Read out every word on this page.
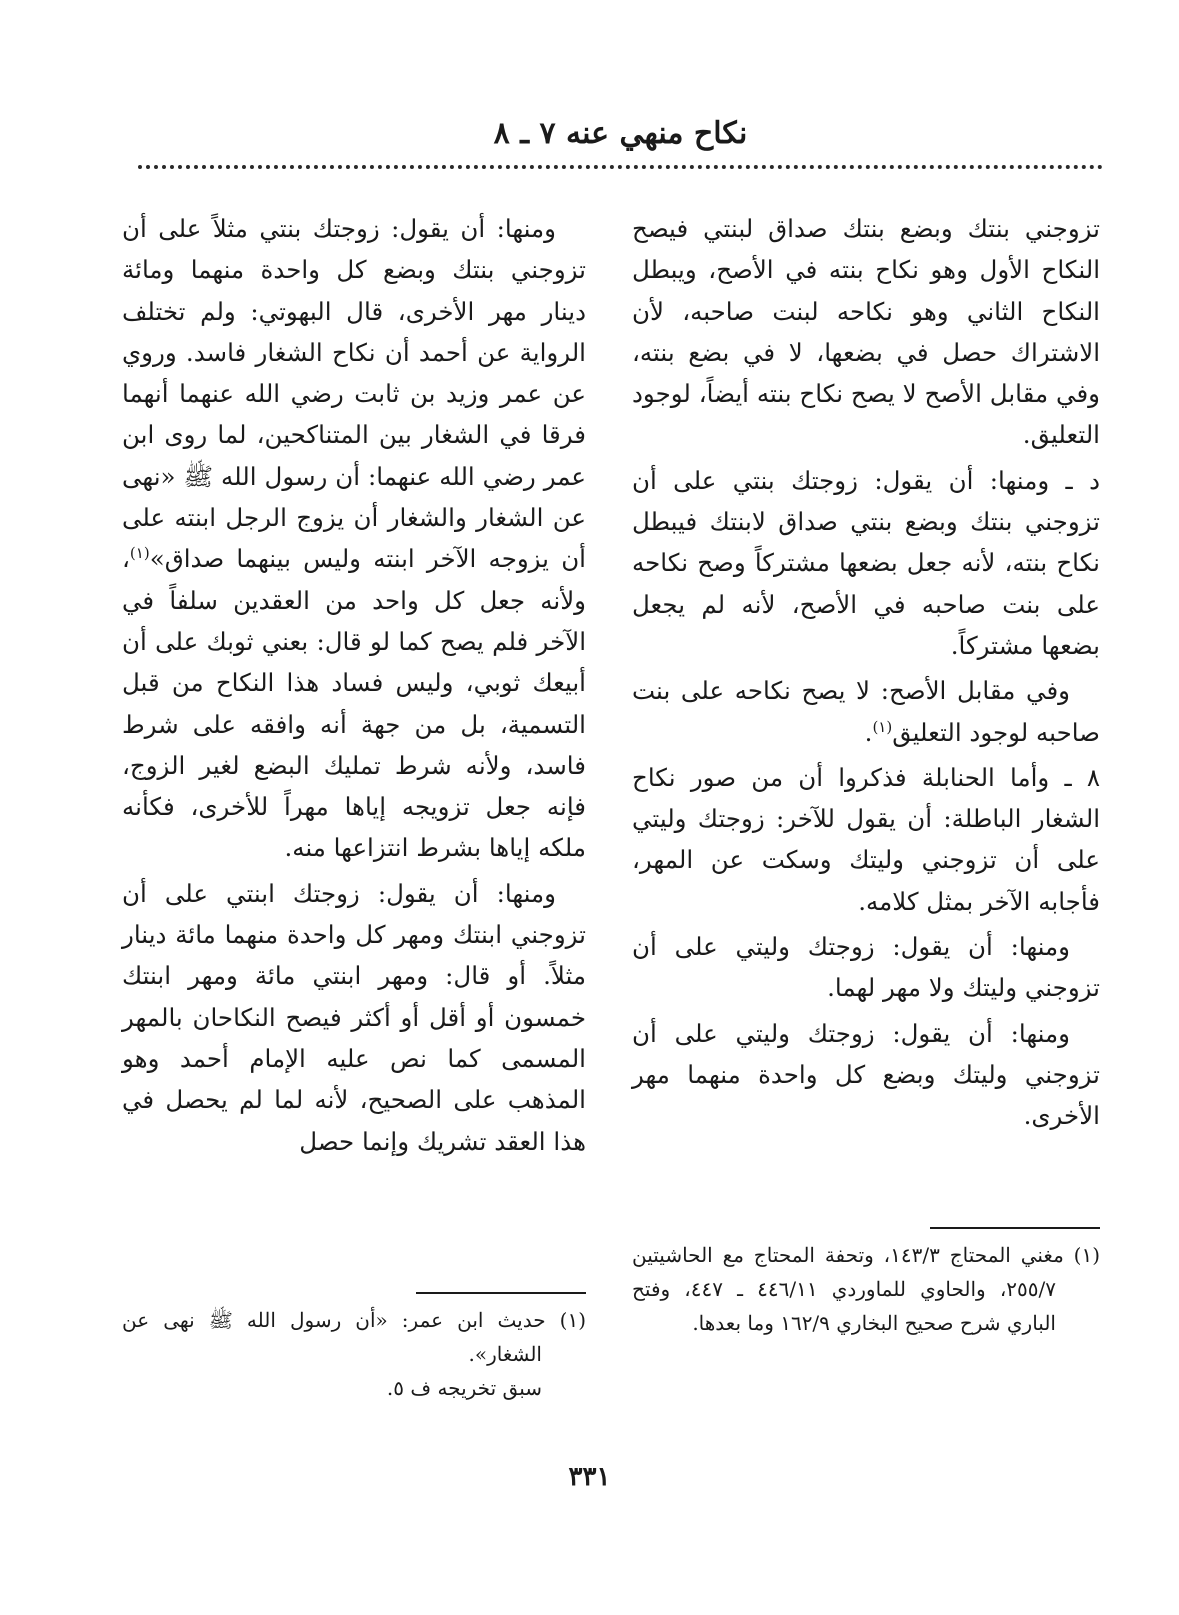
نكاح منهي عنه ٧ ـ ٨

تزوجني بنتك وبضع بنتك صداق لبنتي فيصح النكاح الأول وهو نكاح بنته في الأصح، ويبطل النكاح الثاني وهو نكاحه لبنت صاحبه، لأن الاشتراك حصل في بضعها، لا في بضع بنته، وفي مقابل الأصح لا يصح نكاح بنته أيضاً، لوجود التعليق.

د ـ ومنها: أن يقول: زوجتك بنتي على أن تزوجني بنتك وبضع بنتي صداق لابنتك فيبطل نكاح بنته، لأنه جعل بضعها مشتركاً وصح نكاحه على بنت صاحبه في الأصح، لأنه لم يجعل بضعها مشتركاً.

وفي مقابل الأصح: لا يصح نكاحه على بنت صاحبه لوجود التعليق$^{(١)}$.

٨ ـ وأما الحنابلة فذكروا أن من صور نكاح الشغار الباطلة: أن يقول للآخر: زوجتك وليتي على أن تزوجني وليتك وسكت عن المهر، فأجابه الآخر بمثل كلامه.

ومنها: أن يقول: زوجتك وليتي على أن تزوجني وليتك ولا مهر لهما.

ومنها: أن يقول: زوجتك وليتي على أن تزوجني وليتك وبضع كل واحدة منهما مهر الأخرى.

(١) مغني المحتاج ١٤٣/٣، وتحفة المحتاج مع الحاشيتين ٢٥٥/٧، والحاوي للماوردي ٤٤٦/١١ ـ ٤٤٧، وفتح الباري شرح صحيح البخاري ١٦٢/٩ وما بعدها.

ومنها: أن يقول: زوجتك بنتي مثلاً على أن تزوجني بنتك وبضع كل واحدة منهما ومائة دينار مهر الأخرى، قال البهوتي: ولم تختلف الرواية عن أحمد أن نكاح الشغار فاسد. وروي عن عمر وزيد بن ثابت رضي الله عنهما أنهما فرقا في الشغار بين المتناكحين، لما روى ابن عمر رضي الله عنهما: أن رسول الله ﷺ «نهى عن الشغار والشغار أن يزوج الرجل ابنته على أن يزوجه الآخر ابنته وليس بينهما صداق»$^{(١)}$، ولأنه جعل كل واحد من العقدين سلفاً في الآخر فلم يصح كما لو قال: بعني ثوبك على أن أبيعك ثوبي، وليس فساد هذا النكاح من قبل التسمية، بل من جهة أنه وافقه على شرط فاسد، ولأنه شرط تمليك البضع لغير الزوج، فإنه جعل تزويجه إياها مهراً للأخرى، فكأنه ملكه إياها بشرط انتزاعها منه.

ومنها: أن يقول: زوجتك ابنتي على أن تزوجني ابنتك ومهر كل واحدة منهما مائة دينار مثلاً. أو قال: ومهر ابنتي مائة ومهر ابنتك خمسون أو أقل أو أكثر فيصح النكاحان بالمهر المسمى كما نص عليه الإمام أحمد وهو المذهب على الصحيح، لأنه لما لم يحصل في هذا العقد تشريك وإنما حصل

(١) حديث ابن عمر: «أن رسول الله ﷺ نهى عن الشغار».

سبق تخريجه ف ٥.

٣٣١
